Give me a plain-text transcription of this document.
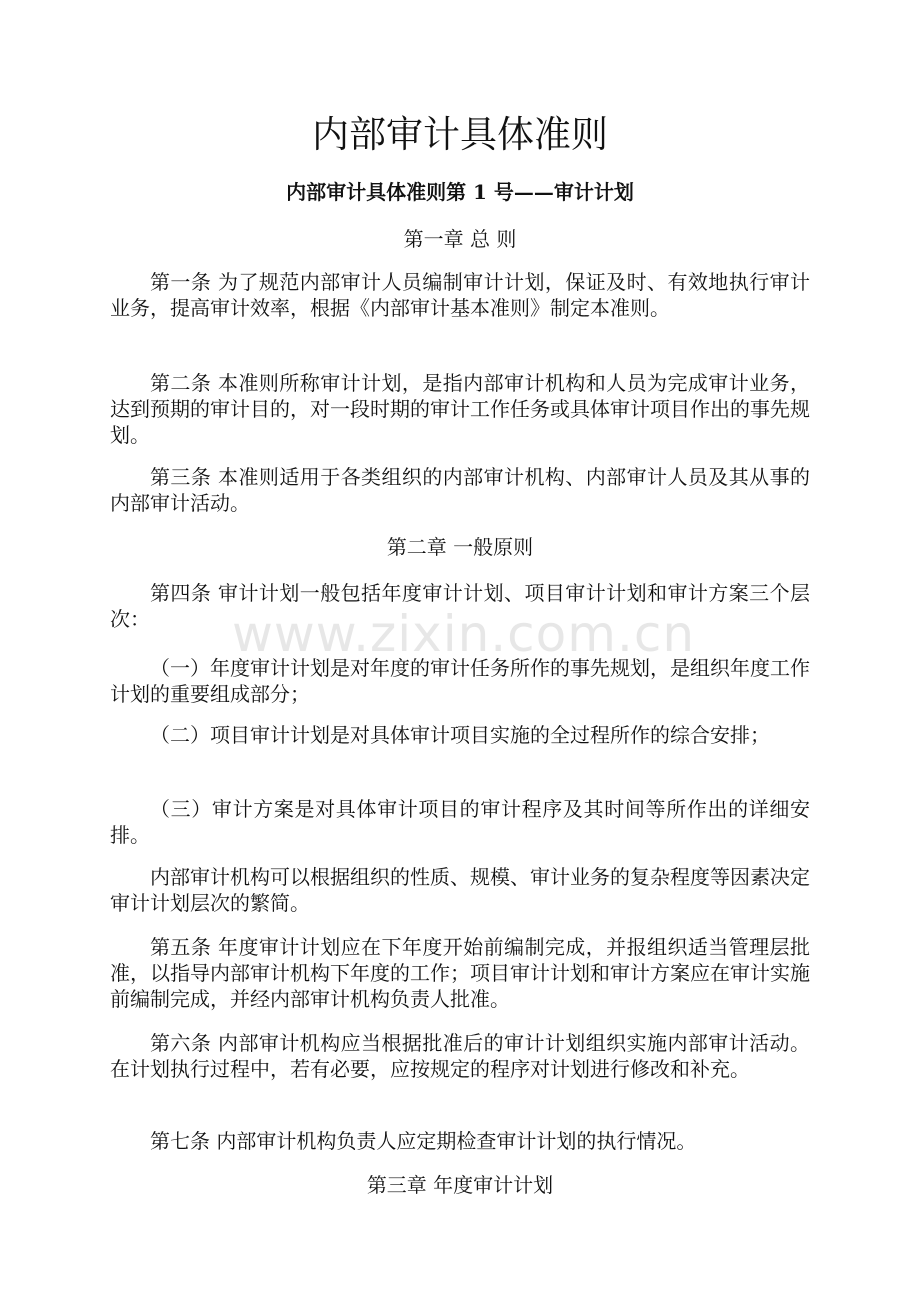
内部审计具体准则
内部审计具体准则第 1 号——审计计划

第一章 总 则

第一条 为了规范内部审计人员编制审计计划，保证及时、有效地执行审计业务，提高审计效率，根据《内部审计基本准则》制定本准则。

第二条 本准则所称审计计划，是指内部审计机构和人员为完成审计业务，达到预期的审计目的，对一段时期的审计工作任务或具体审计项目作出的事先规划。

第三条 本准则适用于各类组织的内部审计机构、内部审计人员及其从事的内部审计活动。

第二章 一般原则

第四条 审计计划一般包括年度审计计划、项目审计计划和审计方案三个层次：

（一）年度审计计划是对年度的审计任务所作的事先规划，是组织年度工作计划的重要组成部分；

（二）项目审计计划是对具体审计项目实施的全过程所作的综合安排；

（三）审计方案是对具体审计项目的审计程序及其时间等所作出的详细安排。

内部审计机构可以根据组织的性质、规模、审计业务的复杂程度等因素决定审计计划层次的繁简。

第五条 年度审计计划应在下年度开始前编制完成，并报组织适当管理层批准，以指导内部审计机构下年度的工作；项目审计计划和审计方案应在审计实施前编制完成，并经内部审计机构负责人批准。

第六条 内部审计机构应当根据批准后的审计计划组织实施内部审计活动。在计划执行过程中，若有必要，应按规定的程序对计划进行修改和补充。

第七条 内部审计机构负责人应定期检查审计计划的执行情况。

第三章 年度审计计划

www.zixin.com.cn
